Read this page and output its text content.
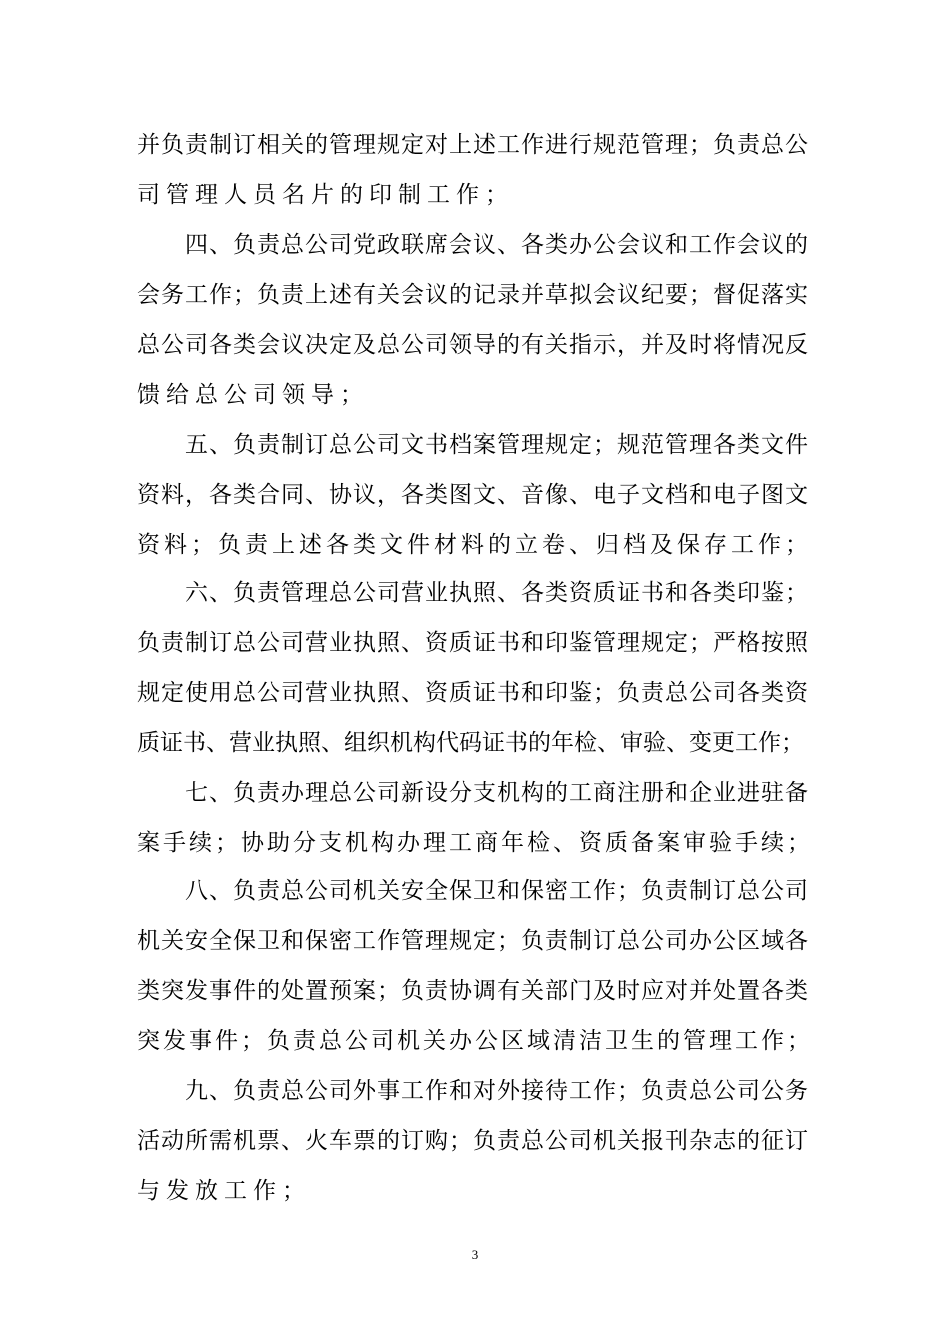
并负责制订相关的管理规定对上述工作进行规范管理；负责总公
司管理人员名片的印制工作；
四、负责总公司党政联席会议、各类办公会议和工作会议的
会务工作；负责上述有关会议的记录并草拟会议纪要；督促落实
总公司各类会议决定及总公司领导的有关指示，并及时将情况反
馈给总公司领导；
五、负责制订总公司文书档案管理规定；规范管理各类文件
资料，各类合同、协议，各类图文、音像、电子文档和电子图文
资料；负责上述各类文件材料的立卷、归档及保存工作；
六、负责管理总公司营业执照、各类资质证书和各类印鉴；
负责制订总公司营业执照、资质证书和印鉴管理规定；严格按照
规定使用总公司营业执照、资质证书和印鉴；负责总公司各类资
质证书、营业执照、组织机构代码证书的年检、审验、变更工作；
七、负责办理总公司新设分支机构的工商注册和企业进驻备
案手续；协助分支机构办理工商年检、资质备案审验手续；
八、负责总公司机关安全保卫和保密工作；负责制订总公司
机关安全保卫和保密工作管理规定；负责制订总公司办公区域各
类突发事件的处置预案；负责协调有关部门及时应对并处置各类
突发事件；负责总公司机关办公区域清洁卫生的管理工作；
九、负责总公司外事工作和对外接待工作；负责总公司公务
活动所需机票、火车票的订购；负责总公司机关报刊杂志的征订
与发放工作；
3
